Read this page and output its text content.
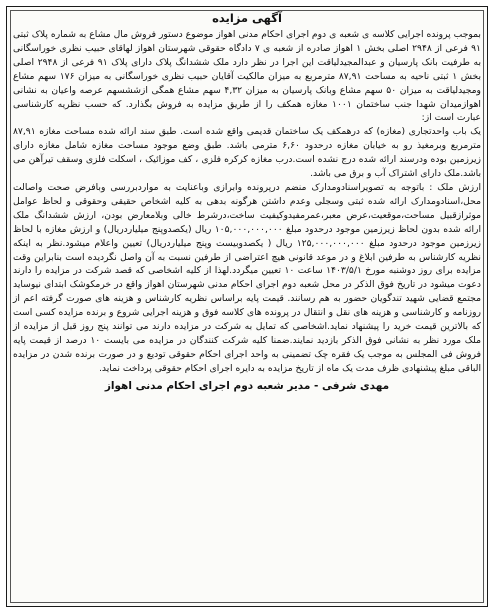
آگهی مزایده

بموجب پرونده اجرایی کلاسه ی شعبه ی دوم اجرای احکام مدنی اهواز موضوع دستور فروش مال مشاع به شماره پلاک ثبتی ۹۱ فرعی از ۲۹۴۸ اصلی بخش ۱ اهواز صادره از شعبه ی ۷ دادگاه حقوقی شهرستان اهواز لهاقای حبیب نظری خوراسگانی به طرفیت بانک پارسیان و عبدالمجیدلیاقت این اجرا در نظر دارد ملک ششدانگ پلاک دارای پلاک ۹۱ فرعی از ۲۹۴۸ اصلی بخش ۱ ثبتی ناحیه به مساحت ۸۷,۹۱ مترمربع به میزان مالکیت آقایان حبیب نظری خوراسگانی به میزان ۱۷۶ سهم مشاع ومجیدلیاقت به میزان ۵۰ سهم مشاع وبانک پارسیان به میزان ۴,۳۲ سهم مشاع همگی ازششسهم عرصه واعیان به نشانی اهوازمیدان شهدا جنب ساختمان ۱۰۰۱ مغازه همکف را از طریق مزایده به فروش بگذارد. که حسب نظریه کارشناسی عبارت است از:

یک باب واحدتجاری (مغازه) که درهمکف یک ساختمان قدیمی واقع شده است. طبق سند ارائه شده مساحت مغازه ۸۷,۹۱ مترمربع وبرمغیذ رو به خیابان مغازه درحدود ۶,۶۰ مترمی باشد. طبق وضع موجود مساحت مغازه شامل مغازه دارای زیرزمین بوده ودرسند ارائه شده درج نشده است.درب مغازه کرکره فلزی ، کف موزائیک ، اسکلت فلزی وسقف تیرآهن می باشد.ملک دارای اشتراک آب و برق می باشد.

ارزش ملک : باتوجه به تصویراسنادومدارک منضم درپرونده وابرازی وباعنایت به مواردبررسی وبافرض صحت واصالت محل،اسنادومدارک ارائه شده ثبتی وسجلی وعدم داشتن هرگونه بدهی به کلیه اشخاص حقیقی وحقوقی و لحاظ عوامل موثرازقبیل مساحت،موقعیت،عرض معبر،عمرمفیدوکیفیت ساخت،درشرط خالی وبلامعارض بودن، ارزش ششدانگ ملک ارائه شده بدون لحاظ زیرزمین موجود درحدود مبلغ ۱۰۵,۰۰۰,۰۰۰,۰۰۰ ریال (یکصدوپنج میلیاردریال) و ارزش مغازه با لحاظ زیرزمین موجود درحدود مبلغ ۱۲۵,۰۰۰,۰۰۰,۰۰۰ ریال ( یکصدوبیست وپنج میلیاردریال) تعیین واعلام میشود.نظر به اینکه نظریه کارشناس به طرفین ابلاغ و در موعد قانونی هیچ اعتراضی از طرفین نسبت به آن واصل نگردیده است بنابراین وقت مزایده برای روز دوشنبه مورخ ۱۴۰۳/۵/۱ ساعت ۱۰ تعیین میگردد.لهذا از کلیه اشخاصی که قصد شرکت در مزایده را دارند دعوت میشود در تاریخ فوق الذکر در محل شعبه دوم اجرای احکام مدنی شهرستان اهواز واقع در خرمکوشک ابتدای نیوساید مجتمع قضایی شهید تندگویان حضور به هم رسانند. قیمت پایه براساس نظریه کارشناس و هزینه های صورت گرفته اعم از روزنامه و کارشناسی و هزینه های نقل و انتقال در پرونده های کلاسه فوق و هزینه اجرایی شروع و برنده مزایده کسی است که بالاترین قیمت خرید را پیشنهاد نماید.اشخاصی که تمایل به شرکت در مزایده دارند می توانند پنج روز قبل از مزایده از ملک مورد نظر به نشانی فوق الذکر بازدید نمایند.ضمنا کلیه شرکت کنندگان در مزایده می بایست ۱۰ درصد از قیمت پایه فروش فی المجلس به موجب یک فقره چک تضمینی به واحد اجرای احکام حقوقی تودیع و در صورت برنده شدن در مزایده الباقی مبلغ پیشنهادی ظرف مدت یک ماه از تاریخ مزایده به دایره اجرای احکام حقوقی پرداخت نماید.

مهدی شرفی - مدیر شعبه دوم اجرای احکام مدنی اهواز
